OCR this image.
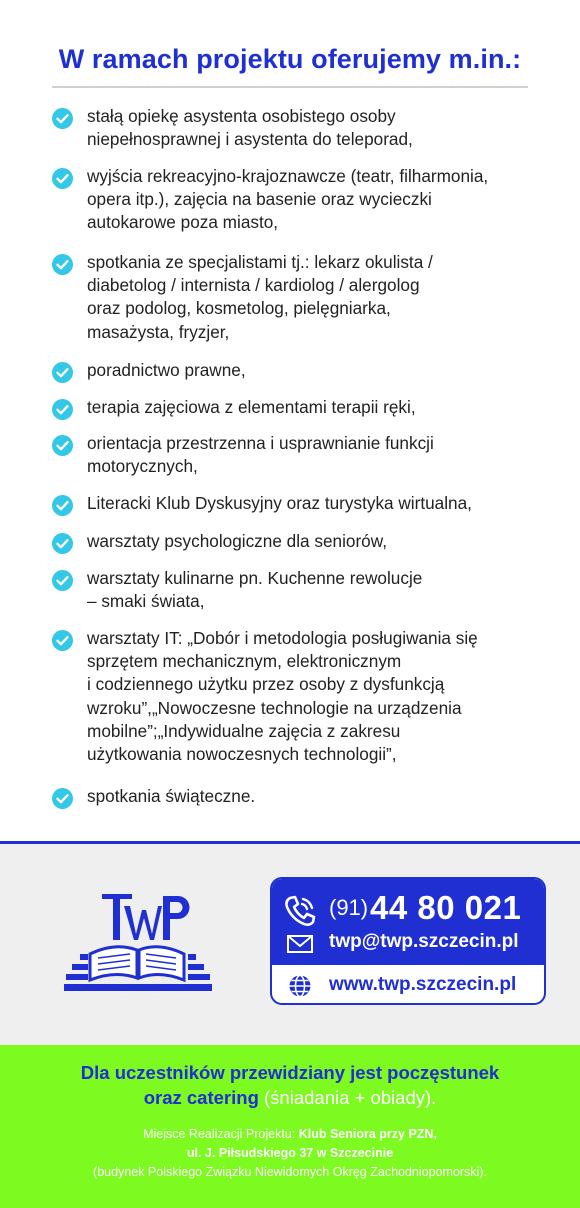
W ramach projektu oferujemy m.in.:
stałą opiekę asystenta osobistego osoby
niepełnosprawnej i asystenta do teleporad,
wyjścia rekreacyjno-krajoznawcze (teatr, filharmonia,
opera itp.), zajęcia na basenie oraz wycieczki
autokarowe poza miasto,
spotkania ze specjalistami tj.: lekarz okulista /
diabetolog / internista / kardiolog / alergolog
oraz podolog, kosmetolog, pielęgniarka,
masażysta, fryzjer,
poradnictwo prawne,
terapia zajęciowa z elementami terapii ręki,
orientacja przestrzenna i usprawnianie funkcji
motorycznych,
Literacki Klub Dyskusyjny oraz turystyka wirtualna,
warsztaty psychologiczne dla seniorów,
warsztaty kulinarne pn. Kuchenne rewolucje
– smaki świata,
warsztaty IT: „Dobór i metodologia posługiwania się
sprzętem mechanicznym, elektronicznym
i codziennego użytku przez osoby z dysfunkcją
wzroku”,„Nowoczesne technologie na urządzenia
mobilne”;„Indywidualne zajęcia z zakresu
użytkowania nowoczesnych technologii”,
spotkania świąteczne.
(91) 44 80 021
twp@twp.szczecin.pl
www.twp.szczecin.pl
Dla uczestników przewidziany jest poczęstunek
oraz catering (śniadania + obiady).
Miejsce Realizacji Projektu: Klub Seniora przy PZN,
ul. J. Piłsudskiego 37 w Szczecinie
(budynek Polskiego Związku Niewidomych Okręg Zachodniopomorski).
